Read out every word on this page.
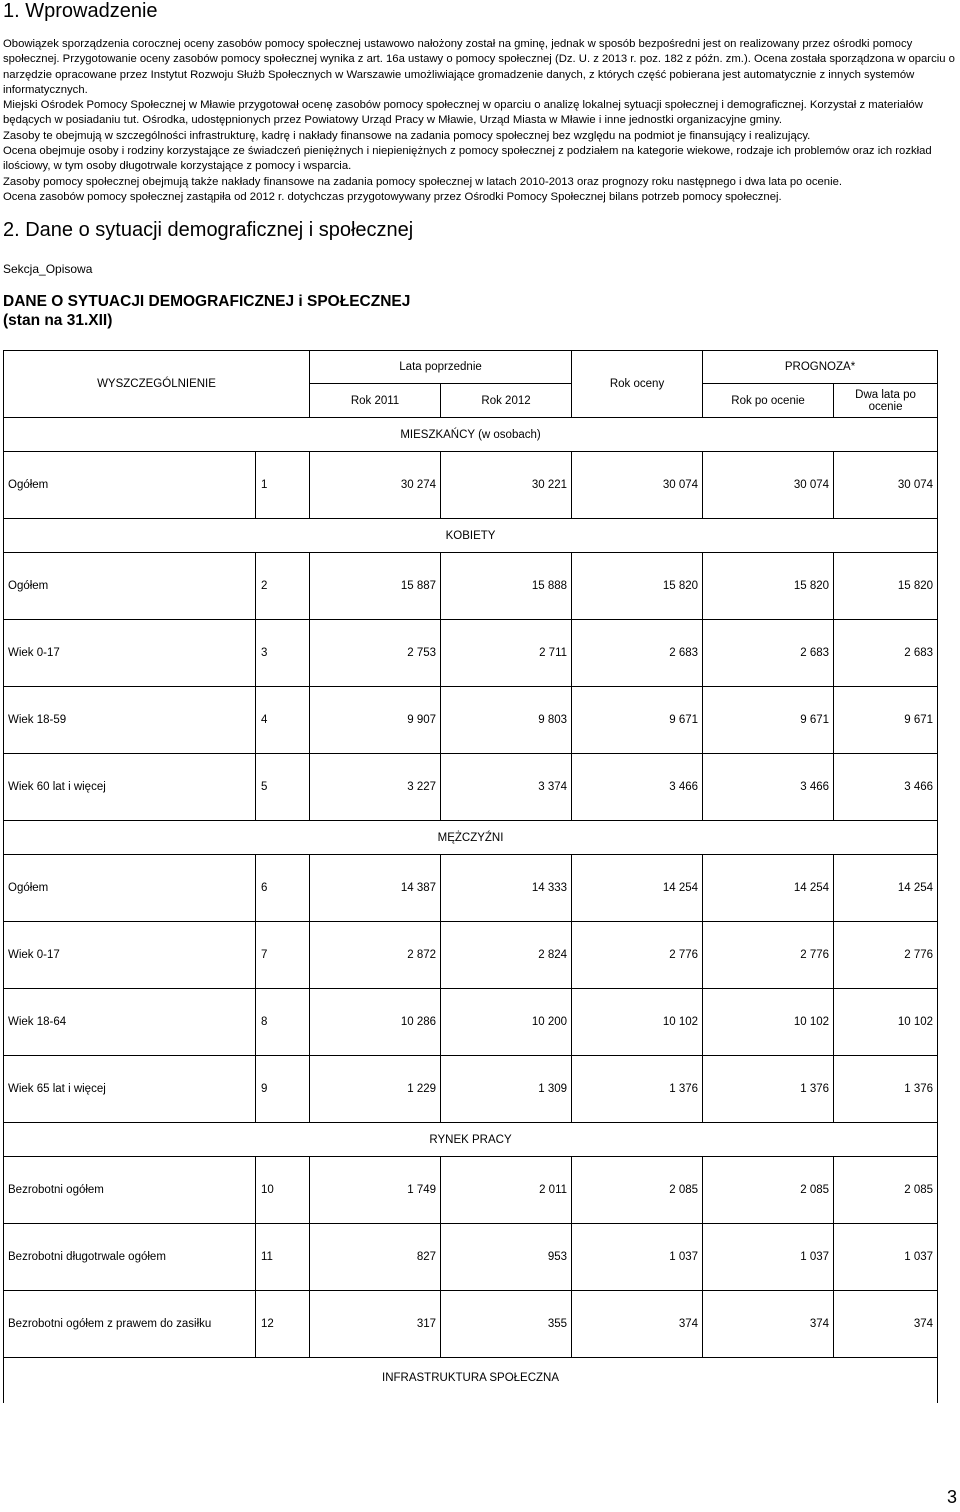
1. Wprowadzenie

Obowiązek sporządzenia corocznej oceny zasobów pomocy społecznej ustawowo nałożony został na gminę, jednak w sposób bezpośredni jest on realizowany przez ośrodki pomocy społecznej. Przygotowanie oceny zasobów pomocy społecznej wynika z art. 16a ustawy o pomocy społecznej (Dz. U. z 2013 r. poz. 182 z późn. zm.). Ocena została sporządzona w oparciu o narzędzie opracowane przez Instytut Rozwoju Służb Społecznych w Warszawie umożliwiające gromadzenie danych, z których część pobierana jest automatycznie z innych systemów informatycznych.

Miejski Ośrodek Pomocy Społecznej w Mławie przygotował ocenę zasobów pomocy społecznej w oparciu o analizę lokalnej sytuacji społecznej i demograficznej. Korzystał z materiałów będących w posiadaniu tut. Ośrodka, udostępnionych przez Powiatowy Urząd Pracy w Mławie, Urząd Miasta w Mławie i inne jednostki organizacyjne gminy.

Zasoby te obejmują w szczególności infrastrukturę, kadrę i nakłady finansowe na zadania pomocy społecznej bez względu na podmiot je finansujący i realizujący.

Ocena obejmuje osoby i rodziny korzystające ze świadczeń pieniężnych i niepieniężnych z pomocy społecznej z podziałem na kategorie wiekowe, rodzaje ich problemów oraz ich rozkład ilościowy, w tym osoby długotrwale korzystające z pomocy i wsparcia.

Zasoby pomocy społecznej obejmują także nakłady finansowe na zadania pomocy społecznej w latach 2010-2013 oraz prognozy roku następnego i dwa lata po ocenie.

Ocena zasobów pomocy społecznej zastąpiła od 2012 r. dotychczas przygotowywany przez Ośrodki Pomocy Społecznej bilans potrzeb pomocy społecznej.

2. Dane o sytuacji demograficznej i społecznej
Sekcja_Opisowa
DANE O SYTUACJI DEMOGRAFICZNEJ i SPOŁECZNEJ
(stan na 31.XII)
WYSZCZEGÓLNIENIE		Lata poprzednie		Rok oceny	PROGNOZA*	
		Rok 2011	Rok 2012		Rok po ocenie	Dwa lata po ocenie
MIESZKAŃCY (w osobach)						
Ogółem	1	30 274	30 221	30 074	30 074	30 074
KOBIETY						
Ogółem	2	15 887	15 888	15 820	15 820	15 820
Wiek 0-17	3	2 753	2 711	2 683	2 683	2 683
Wiek 18-59	4	9 907	9 803	9 671	9 671	9 671
Wiek 60 lat i więcej	5	3 227	3 374	3 466	3 466	3 466
MĘŻCZYŹNI						
Ogółem	6	14 387	14 333	14 254	14 254	14 254
Wiek 0-17	7	2 872	2 824	2 776	2 776	2 776
Wiek 18-64	8	10 286	10 200	10 102	10 102	10 102
Wiek 65 lat i więcej	9	1 229	1 309	1 376	1 376	1 376
RYNEK PRACY						
Bezrobotni ogółem	10	1 749	2 011	2 085	2 085	2 085
Bezrobotni długotrwale ogółem	11	827	953	1 037	1 037	1 037
Bezrobotni ogółem z prawem do zasiłku	12	317	355	374	374	374
INFRASTRUKTURA SPOŁECZNA						
3
